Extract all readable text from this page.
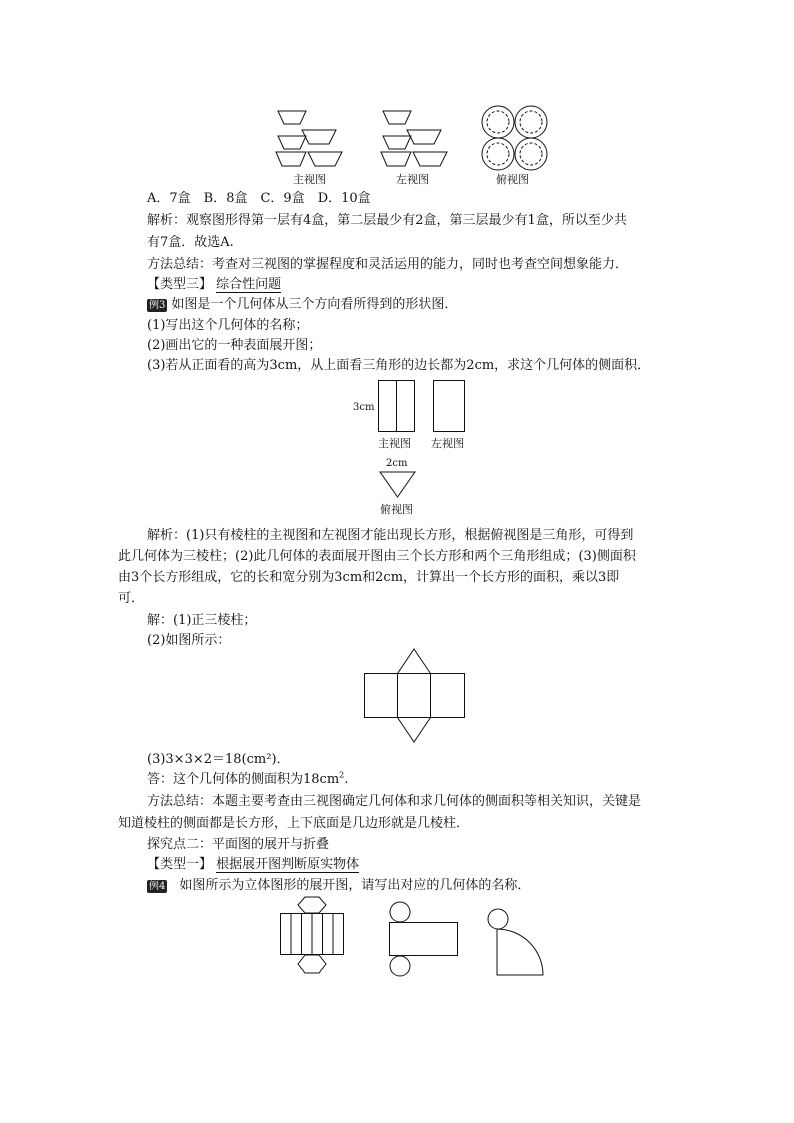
主视图	左视图	俯视图
A．7盒　B．8盒　C．9盒　D．10盒
解析：观察图形得第一层有4盒，第二层最少有2盒，第三层最少有1盒，所以至少共
有7盒．故选A.
方法总结：考查对三视图的掌握程度和灵活运用的能力，同时也考查空间想象能力．
【类型三】 综合性问题
例3 如图是一个几何体从三个方向看所得到的形状图．
(1)写出这个几何体的名称；
(2)画出它的一种表面展开图；
(3)若从正面看的高为3cm，从上面看三角形的边长都为2cm，求这个几何体的侧面积．
3cm
主视图 左视图
2cm
俯视图
解析：(1)只有棱柱的主视图和左视图才能出现长方形，根据俯视图是三角形，可得到
此几何体为三棱柱；(2)此几何体的表面展开图由三个长方形和两个三角形组成；(3)侧面积
由3个长方形组成，它的长和宽分别为3cm和2cm，计算出一个长方形的面积，乘以3即
可．
解：(1)正三棱柱；
(2)如图所示：
(3)3×3×2＝18(cm²)．
答：这个几何体的侧面积为$18cm^2$.
方法总结：本题主要考查由三视图确定几何体和求几何体的侧面积等相关知识，关键是
知道棱柱的侧面都是长方形，上下底面是几边形就是几棱柱．
探究点二：平面图的展开与折叠
【类型一】 根据展开图判断原实物体
例4 如图所示为立体图形的展开图，请写出对应的几何体的名称．
